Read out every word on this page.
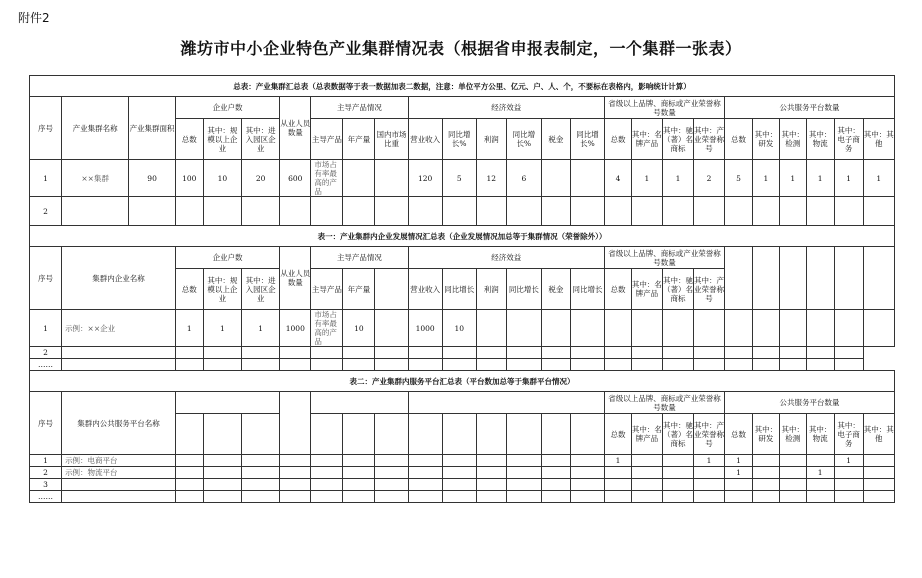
附件2
潍坊市中小企业特色产业集群情况表（根据省申报表制定，一个集群一张表）
总表：产业集群汇总表（总表数据等于表一数据加表二数据，注意：单位平方公里、亿元、户、人、个，不要标在表格内，影响统计计算）																									
序号	产业集群名称	产业集群面积	企业户数			从业人员数量	主导产品情况			经济效益						省级以上品牌、商标或产业荣誉称号数量				公共服务平台数量					
			总数	其中：规模以上企业	其中：进入园区企业		主导产品	年产量	国内市场比重	营业收入	同比增长%	利润	同比增长%	税金	同比增长%	总数	其中：名牌产品	其中：驰（著）名商标	其中：产业荣誉称号	总数	其中：研发	其中：检测	其中：物流	其中：电子商务	其中：其他
1	××集群	90	100	10	20	600	市场占有率最高的产品			120	5	12	6			4	1	1	2	5	1	1	1	1	1
2																									
表一：产业集群内企业发展情况汇总表（企业发展情况加总等于集群情况（荣誉除外））																									
序号	集群内企业名称		企业户数			从业人员数量	主导产品情况			经济效益						省级以上品牌、商标或产业荣誉称号数量									
			总数	其中：规模以上企业	其中：进入园区企业		主导产品	年产量		营业收入	同比增长	利润	同比增长	税金	同比增长	总数	其中：名牌产品	其中：驰（著）名商标	其中：产业荣誉称号						
1	示例：××企业		1	1	1	1000	市场占有率最高的产品	10		1000	10														
2																									
……																									
表二：产业集群内服务平台汇总表（平台数加总等于集群平台情况）																									
序号	集群内公共服务平台名称															省级以上品牌、商标或产业荣誉称号数量				公共服务平台数量					
																总数	其中：名牌产品	其中：驰（著）名商标	其中：产业荣誉称号	总数	其中：研发	其中：检测	其中：物流	其中：电子商务	其中：其他
1	示例：电商平台															1			1	1				1	
2	示例：物流平台																			1			1		
3																									
……																									
